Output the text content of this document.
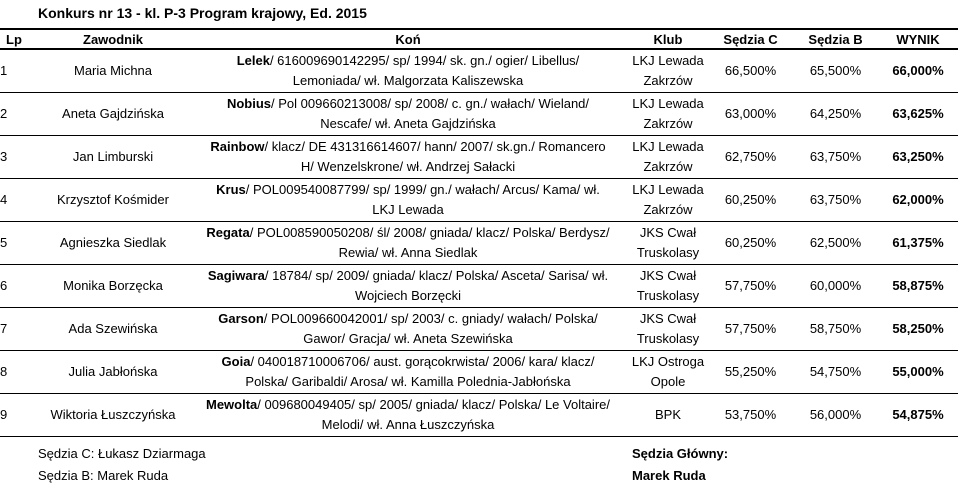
Konkurs nr 13 - kl. P-3 Program krajowy, Ed. 2015
Lp	Zawodnik	Koń	Klub	Sędzia C	Sędzia B	WYNIK
1	Maria Michna	Lelek/ 616009690142295/ sp/ 1994/ sk. gn./ ogier/ Libellus/
Lemoniada/ wł. Malgorzata Kaliszewska	LKJ Lewada
Zakrzów	66,500%	65,500%	66,000%
2	Aneta Gajdzińska	Nobius/ Pol 009660213008/ sp/ 2008/ c. gn./ wałach/ Wieland/
Nescafe/ wł. Aneta Gajdzińska	LKJ Lewada
Zakrzów	63,000%	64,250%	63,625%
3	Jan Limburski	Rainbow/ klacz/ DE 431316614607/ hann/ 2007/ sk.gn./ Romancero
H/ Wenzelskrone/ wł. Andrzej Sałacki	LKJ Lewada
Zakrzów	62,750%	63,750%	63,250%
4	Krzysztof Kośmider	Krus/ POL009540087799/ sp/ 1999/ gn./ wałach/ Arcus/ Kama/ wł.
LKJ Lewada	LKJ Lewada
Zakrzów	60,250%	63,750%	62,000%
5	Agnieszka Siedlak	Regata/ POL008590050208/ śl/ 2008/ gniada/ klacz/ Polska/ Berdysz/
Rewia/ wł. Anna Siedlak	JKS Cwał
Truskolasy	60,250%	62,500%	61,375%
6	Monika Borzęcka	Sagiwara/ 18784/ sp/ 2009/ gniada/ klacz/ Polska/ Asceta/ Sarisa/ wł.
Wojciech Borzęcki	JKS Cwał
Truskolasy	57,750%	60,000%	58,875%
7	Ada Szewińska	Garson/ POL009660042001/ sp/ 2003/ c. gniady/ wałach/ Polska/
Gawor/ Gracja/ wł. Aneta Szewińska	JKS Cwał
Truskolasy	57,750%	58,750%	58,250%
8	Julia Jabłońska	Goia/ 040018710006706/ aust. gorącokrwista/ 2006/ kara/ klacz/
Polska/ Garibaldi/ Arosa/ wł. Kamilla Polednia-Jabłońska	LKJ Ostroga
Opole	55,250%	54,750%	55,000%
9	Wiktoria Łuszczyńska	Mewolta/ 009680049405/ sp/ 2005/ gniada/ klacz/ Polska/ Le Voltaire/
Melodi/ wł. Anna Łuszczyńska	BPK	53,750%	56,000%	54,875%
Sędzia C: Łukasz Dziarmaga
Sędzia B: Marek Ruda
Sędzia Główny:
Marek Ruda
